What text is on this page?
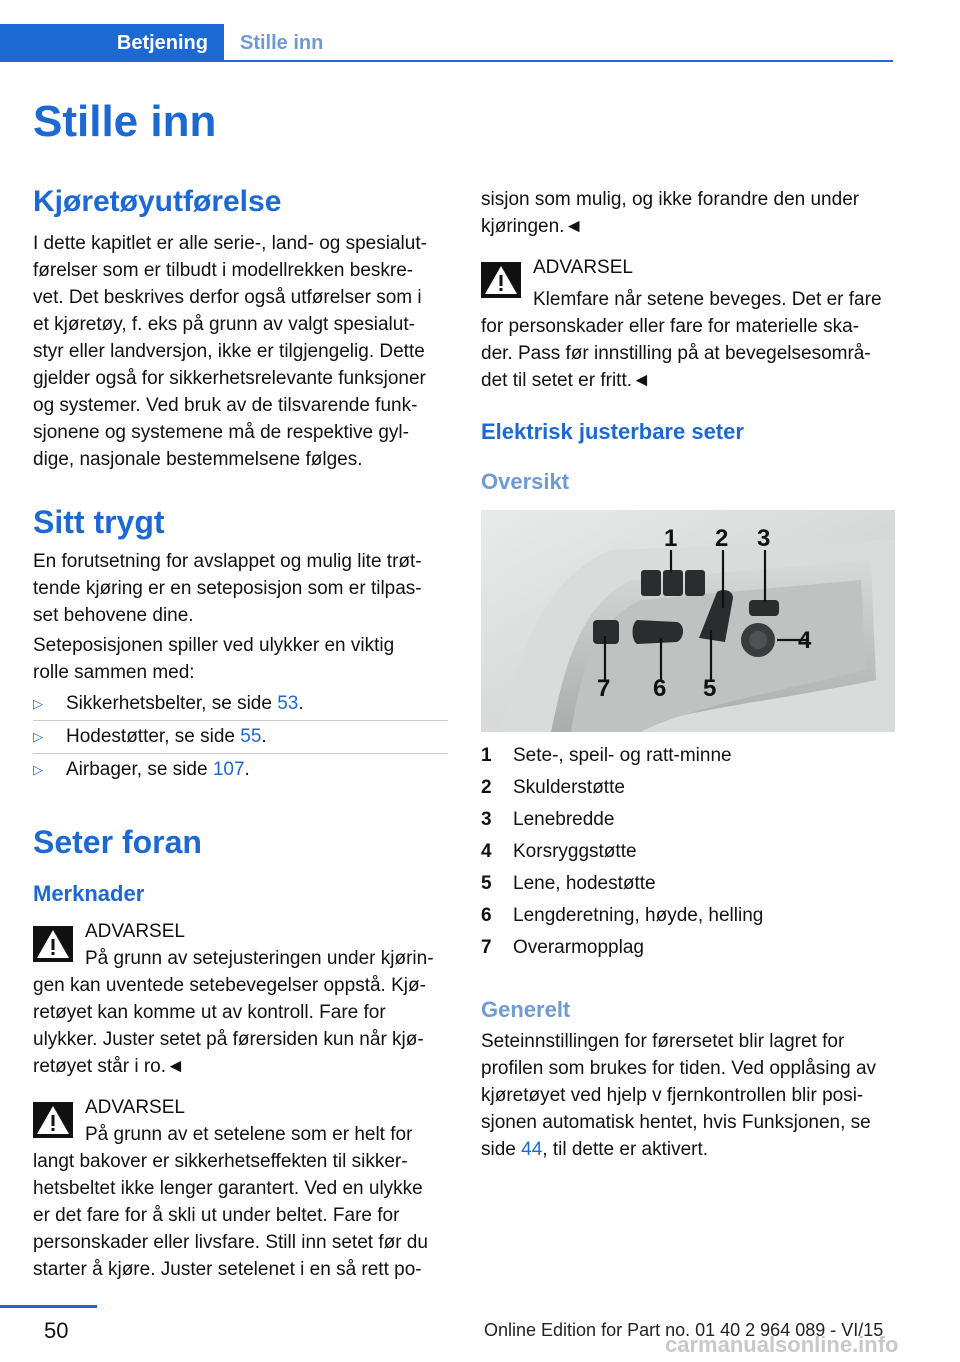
Betjening Stille inn
Stille inn
Kjøretøyutførelse
I dette kapitlet er alle serie-, land- og spesialut-
førelser som er tilbudt i modellrekken beskre-
vet. Det beskrives derfor også utførelser som i
et kjøretøy, f. eks på grunn av valgt spesialut-
styr eller landversjon, ikke er tilgjengelig. Dette
gjelder også for sikkerhetsrelevante funksjoner
og systemer. Ved bruk av de tilsvarende funk-
sjonene og systemene må de respektive gyl-
dige, nasjonale bestemmelsene følges.
Sitt trygt
En forutsetning for avslappet og mulig lite trøt-
tende kjøring er en seteposisjon som er tilpas-
set behovene dine.
Seteposisjonen spiller ved ulykker en viktig
rolle sammen med:
▷ Sikkerhetsbelter, se side 53.
▷ Hodestøtter, se side 55.
▷ Airbager, se side 107.
Seter foran
Merknader
ADVARSEL
På grunn av setejusteringen under kjørin-
gen kan uventede setebevegelser oppstå. Kjø-
retøyet kan komme ut av kontroll. Fare for
ulykker. Juster setet på førersiden kun når kjø-
retøyet står i ro.◄
ADVARSEL
På grunn av et setelene som er helt for
langt bakover er sikkerhetseffekten til sikker-
hetsbeltet ikke lenger garantert. Ved en ulykke
er det fare for å skli ut under beltet. Fare for
personskader eller livsfare. Still inn setet før du
starter å kjøre. Juster setelenet i en så rett po-
sisjon som mulig, og ikke forandre den under
kjøringen.◄
ADVARSEL
Klemfare når setene beveges. Det er fare
for personskader eller fare for materielle ska-
der. Pass før innstilling på at bevegelsesområ-
det til setet er fritt.◄
Elektrisk justerbare seter
Oversikt
1 2 3
4
5
6
7
1 Sete-, speil- og ratt-minne
2 Skulderstøtte
3 Lenebredde
4 Korsryggstøtte
5 Lene, hodestøtte
6 Lengderetning, høyde, helling
7 Overarmopplag
Generelt
Seteinnstillingen for førersetet blir lagret for
profilen som brukes for tiden. Ved opplåsing av
kjøretøyet ved hjelp v fjernkontrollen blir posi-
sjonen automatisk hentet, hvis Funksjonen, se
side 44, til dette er aktivert.
50	Online Edition for Part no. 01 40 2 964 089 - VI/15
carmanualsonline.info
